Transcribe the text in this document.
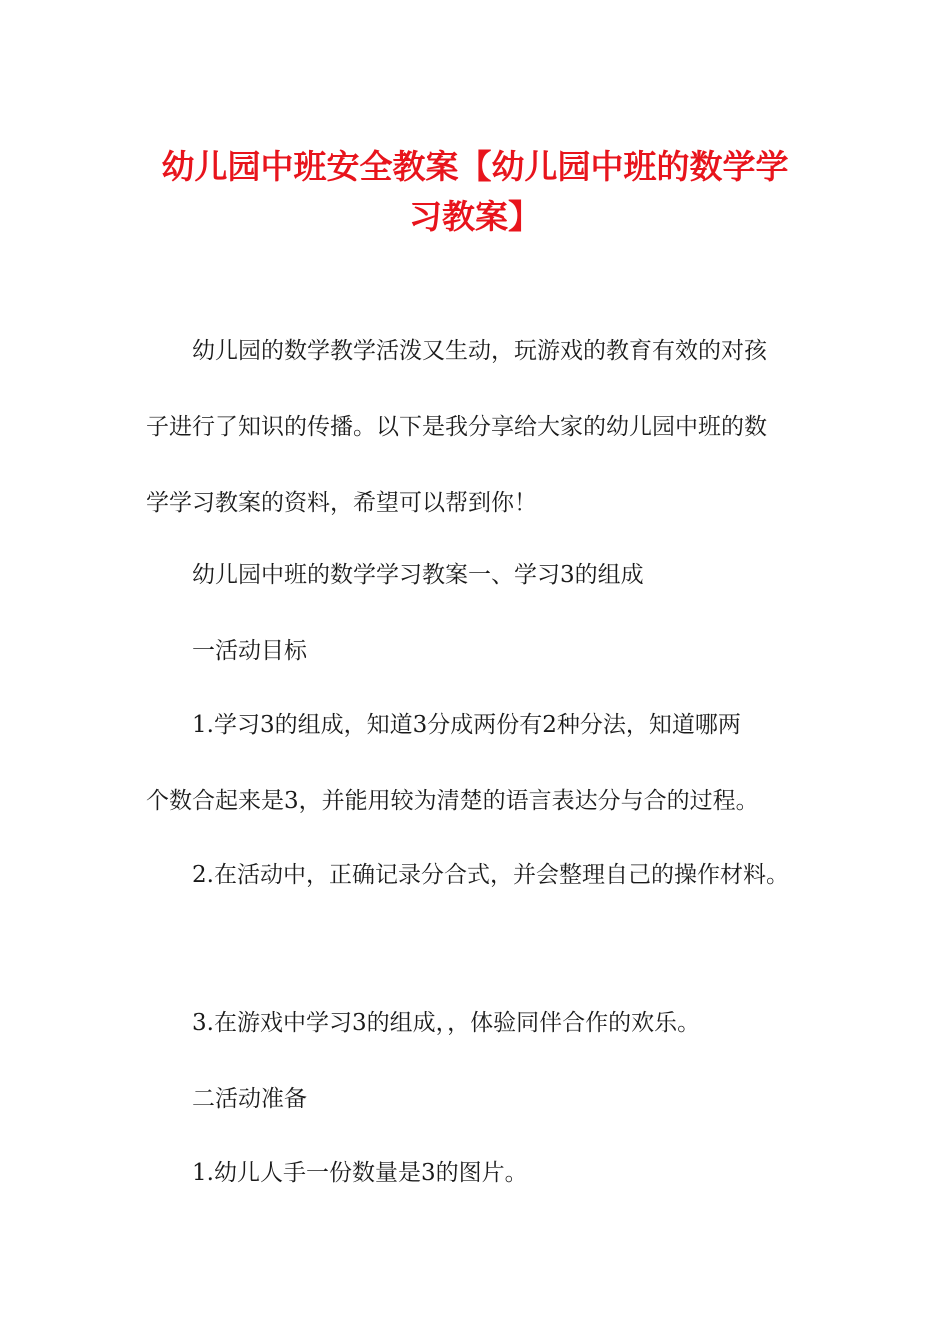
幼儿园中班安全教案【幼儿园中班的数学学
习教案】
幼儿园的数学教学活泼又生动，玩游戏的教育有效的对孩
子进行了知识的传播。以下是我分享给大家的幼儿园中班的数
学学习教案的资料，希望可以帮到你！
幼儿园中班的数学学习教案一、学习3的组成
一活动目标
1.学习3的组成，知道3分成两份有2种分法，知道哪两
个数合起来是3，并能用较为清楚的语言表达分与合的过程。
2.在活动中，正确记录分合式，并会整理自己的操作材料。
3.在游戏中学习3的组成，，体验同伴合作的欢乐。
二活动准备
1.幼儿人手一份数量是3的图片。
